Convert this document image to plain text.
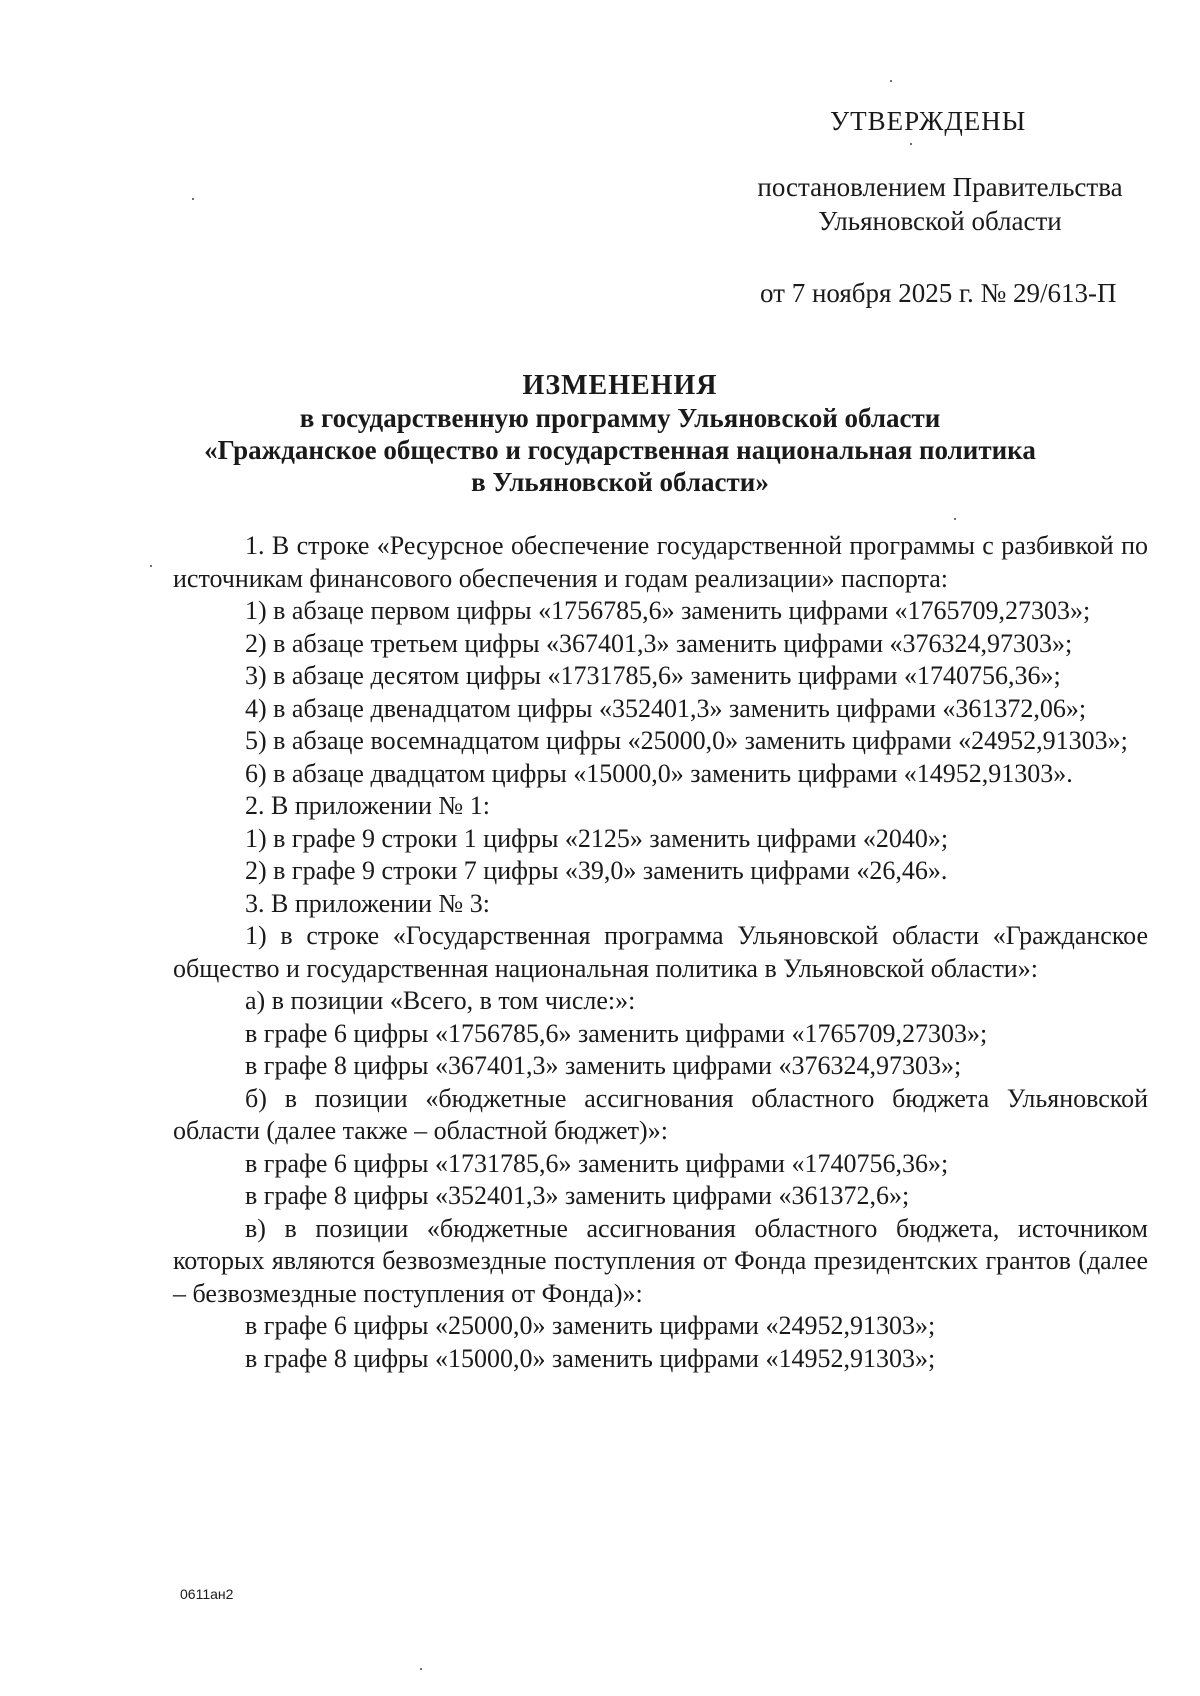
УТВЕРЖДЕНЫ
постановлением Правительства
Ульяновской области
от 7 ноября 2025 г. № 29/613-П
ИЗМЕНЕНИЯ
в государственную программу Ульяновской области
«Гражданское общество и государственная национальная политика
в Ульяновской области»

1. В строке «Ресурсное обеспечение государственной программы с разбивкой по источникам финансового обеспечения и годам реализации» паспорта:

1) в абзаце первом цифры «1756785,6» заменить цифрами «1765709,27303»;

2) в абзаце третьем цифры «367401,3» заменить цифрами «376324,97303»;

3) в абзаце десятом цифры «1731785,6» заменить цифрами «1740756,36»;

4) в абзаце двенадцатом цифры «352401,3» заменить цифрами «361372,06»;

5) в абзаце восемнадцатом цифры «25000,0» заменить цифрами «24952,91303»;

6) в абзаце двадцатом цифры «15000,0» заменить цифрами «14952,91303».

2. В приложении № 1:

1) в графе 9 строки 1 цифры «2125» заменить цифрами «2040»;

2) в графе 9 строки 7 цифры «39,0» заменить цифрами «26,46».

3. В приложении № 3:

1) в строке «Государственная программа Ульяновской области «Гражданское общество и государственная национальная политика в Ульяновской области»:

а) в позиции «Всего, в том числе:»:

в графе 6 цифры «1756785,6» заменить цифрами «1765709,27303»;

в графе 8 цифры «367401,3» заменить цифрами «376324,97303»;

б) в позиции «бюджетные ассигнования областного бюджета Ульяновской области (далее также – областной бюджет)»:

в графе 6 цифры «1731785,6» заменить цифрами «1740756,36»;

в графе 8 цифры «352401,3» заменить цифрами «361372,6»;

в) в позиции «бюджетные ассигнования областного бюджета, источником которых являются безвозмездные поступления от Фонда президентских грантов (далее – безвозмездные поступления от Фонда)»:

в графе 6 цифры «25000,0» заменить цифрами «24952,91303»;

в графе 8 цифры «15000,0» заменить цифрами «14952,91303»;

0611ан2
